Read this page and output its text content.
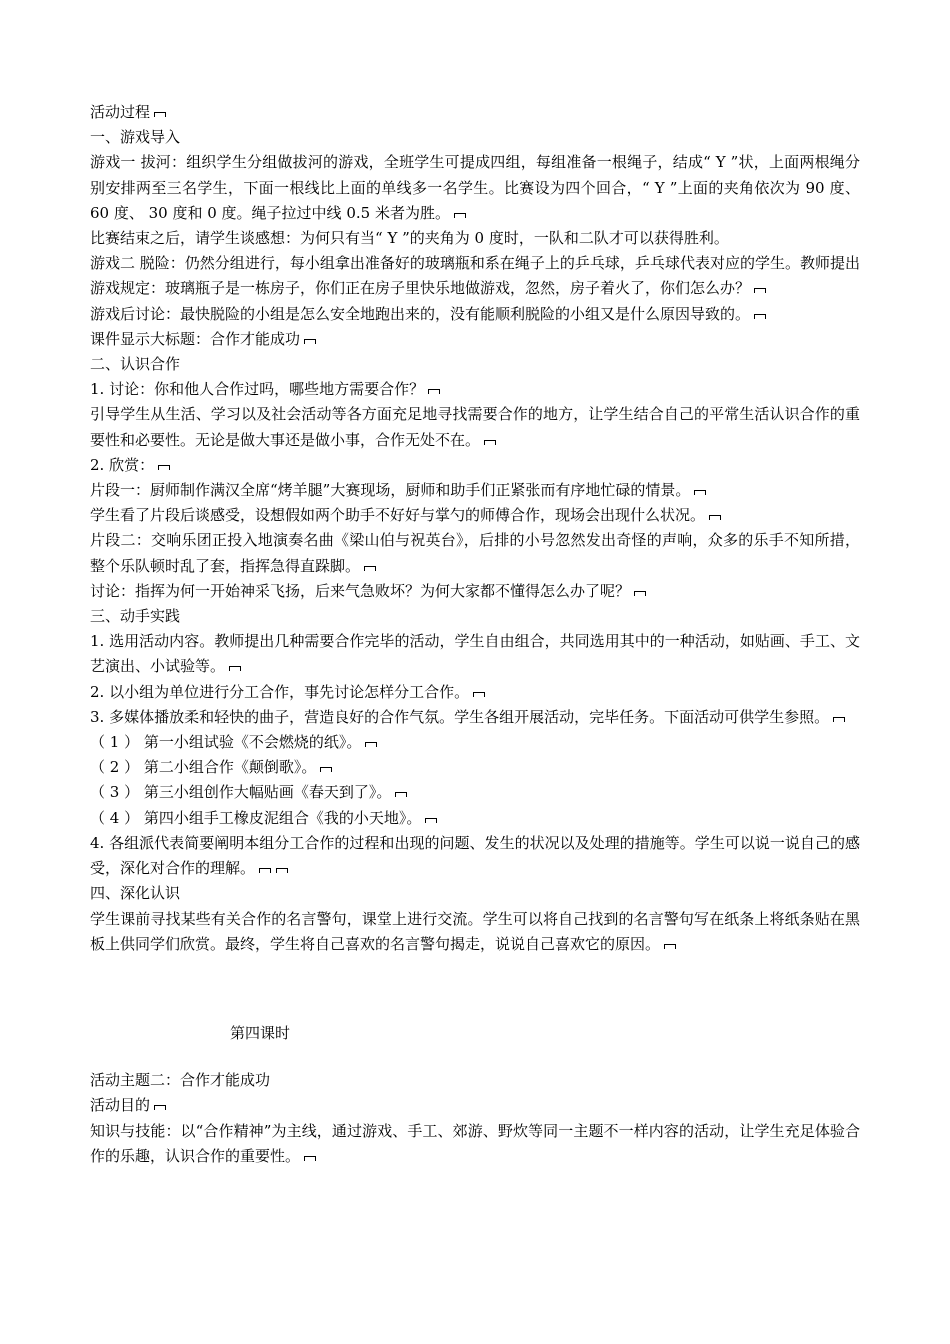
活动过程
一、游戏导入
游戏一 拔河：组织学生分组做拔河的游戏，全班学生可提成四组，每组准备一根绳子，结成“ Y ”状，上面两根绳分别安排两至三名学生，下面一根线比上面的单线多一名学生。比赛设为四个回合，“ Y ”上面的夹角依次为 90 度、 60 度、 30 度和 0 度。绳子拉过中线 0.5 米者为胜。
比赛结束之后，请学生谈感想：为何只有当“ Y ”的夹角为 0 度时，一队和二队才可以获得胜利。
游戏二 脱险：仍然分组进行，每小组拿出准备好的玻璃瓶和系在绳子上的乒乓球，乒乓球代表对应的学生。教师提出游戏规定：玻璃瓶子是一栋房子，你们正在房子里快乐地做游戏，忽然，房子着火了，你们怎么办？
游戏后讨论：最快脱险的小组是怎么安全地跑出来的，没有能顺利脱险的小组又是什么原因导致的。
课件显示大标题：合作才能成功
二、认识合作
1. 讨论：你和他人合作过吗，哪些地方需要合作？
引导学生从生活、学习以及社会活动等各方面充足地寻找需要合作的地方，让学生结合自己的平常生活认识合作的重要性和必要性。无论是做大事还是做小事，合作无处不在。
2. 欣赏：
片段一：厨师制作满汉全席“烤羊腿”大赛现场，厨师和助手们正紧张而有序地忙碌的情景。
学生看了片段后谈感受，设想假如两个助手不好好与掌勺的师傅合作，现场会出现什么状况。
片段二：交响乐团正投入地演奏名曲《梁山伯与祝英台》，后排的小号忽然发出奇怪的声响，众多的乐手不知所措，整个乐队顿时乱了套，指挥急得直跺脚。
讨论：指挥为何一开始神采飞扬，后来气急败坏？为何大家都不懂得怎么办了呢？
三、动手实践
1. 选用活动内容。教师提出几种需要合作完毕的活动，学生自由组合，共同选用其中的一种活动，如贴画、手工、文艺演出、小试验等。
2. 以小组为单位进行分工合作，事先讨论怎样分工合作。
3. 多媒体播放柔和轻快的曲子，营造良好的合作气氛。学生各组开展活动，完毕任务。下面活动可供学生参照。
（ 1 ） 第一小组试验《不会燃烧的纸》。
（ 2 ） 第二小组合作《颠倒歌》。
（ 3 ） 第三小组创作大幅贴画《春天到了》。
（ 4 ） 第四小组手工橡皮泥组合《我的小天地》。
4. 各组派代表简要阐明本组分工合作的过程和出现的问题、发生的状况以及处理的措施等。学生可以说一说自己的感受，深化对合作的理解。
四、深化认识
学生课前寻找某些有关合作的名言警句，课堂上进行交流。学生可以将自己找到的名言警句写在纸条上将纸条贴在黑板上供同学们欣赏。最终，学生将自己喜欢的名言警句揭走，说说自己喜欢它的原因。
第四课时
活动主题二：合作才能成功
活动目的
知识与技能：以“合作精神”为主线，通过游戏、手工、郊游、野炊等同一主题不一样内容的活动，让学生充足体验合作的乐趣，认识合作的重要性。
